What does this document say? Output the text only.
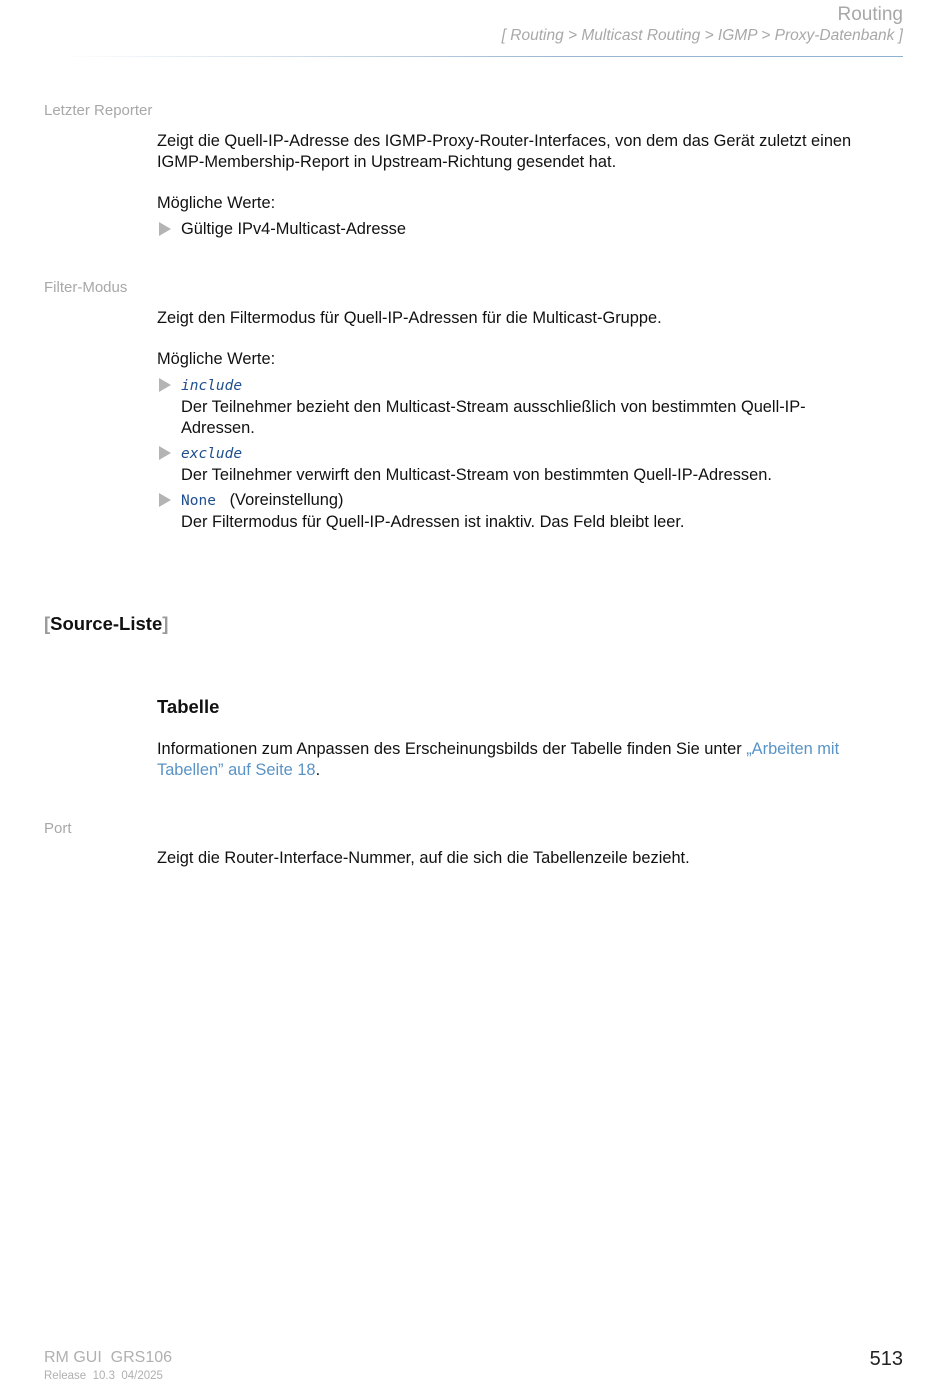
Routing
[ Routing > Multicast Routing > IGMP > Proxy-Datenbank ]
Letzter Reporter
Zeigt die Quell-IP-Adresse des IGMP-Proxy-Router-Interfaces, von dem das Gerät zuletzt einen
IGMP-Membership-Report in Upstream-Richtung gesendet hat.
Mögliche Werte:
Gültige IPv4-Multicast-Adresse
Filter-Modus
Zeigt den Filtermodus für Quell-IP-Adressen für die Multicast-Gruppe.
Mögliche Werte:
include
Der Teilnehmer bezieht den Multicast-Stream ausschließlich von bestimmten Quell-IP-
Adressen.
exclude
Der Teilnehmer verwirft den Multicast-Stream von bestimmten Quell-IP-Adressen.
None (Voreinstellung)
Der Filtermodus für Quell-IP-Adressen ist inaktiv. Das Feld bleibt leer.
[Source-Liste]
Tabelle
Informationen zum Anpassen des Erscheinungsbilds der Tabelle finden Sie unter „Arbeiten mit
Tabellen” auf Seite 18.
Port
Zeigt die Router-Interface-Nummer, auf die sich die Tabellenzeile bezieht.
RM GUI  GRS106
Release  10.3  04/2025
513
